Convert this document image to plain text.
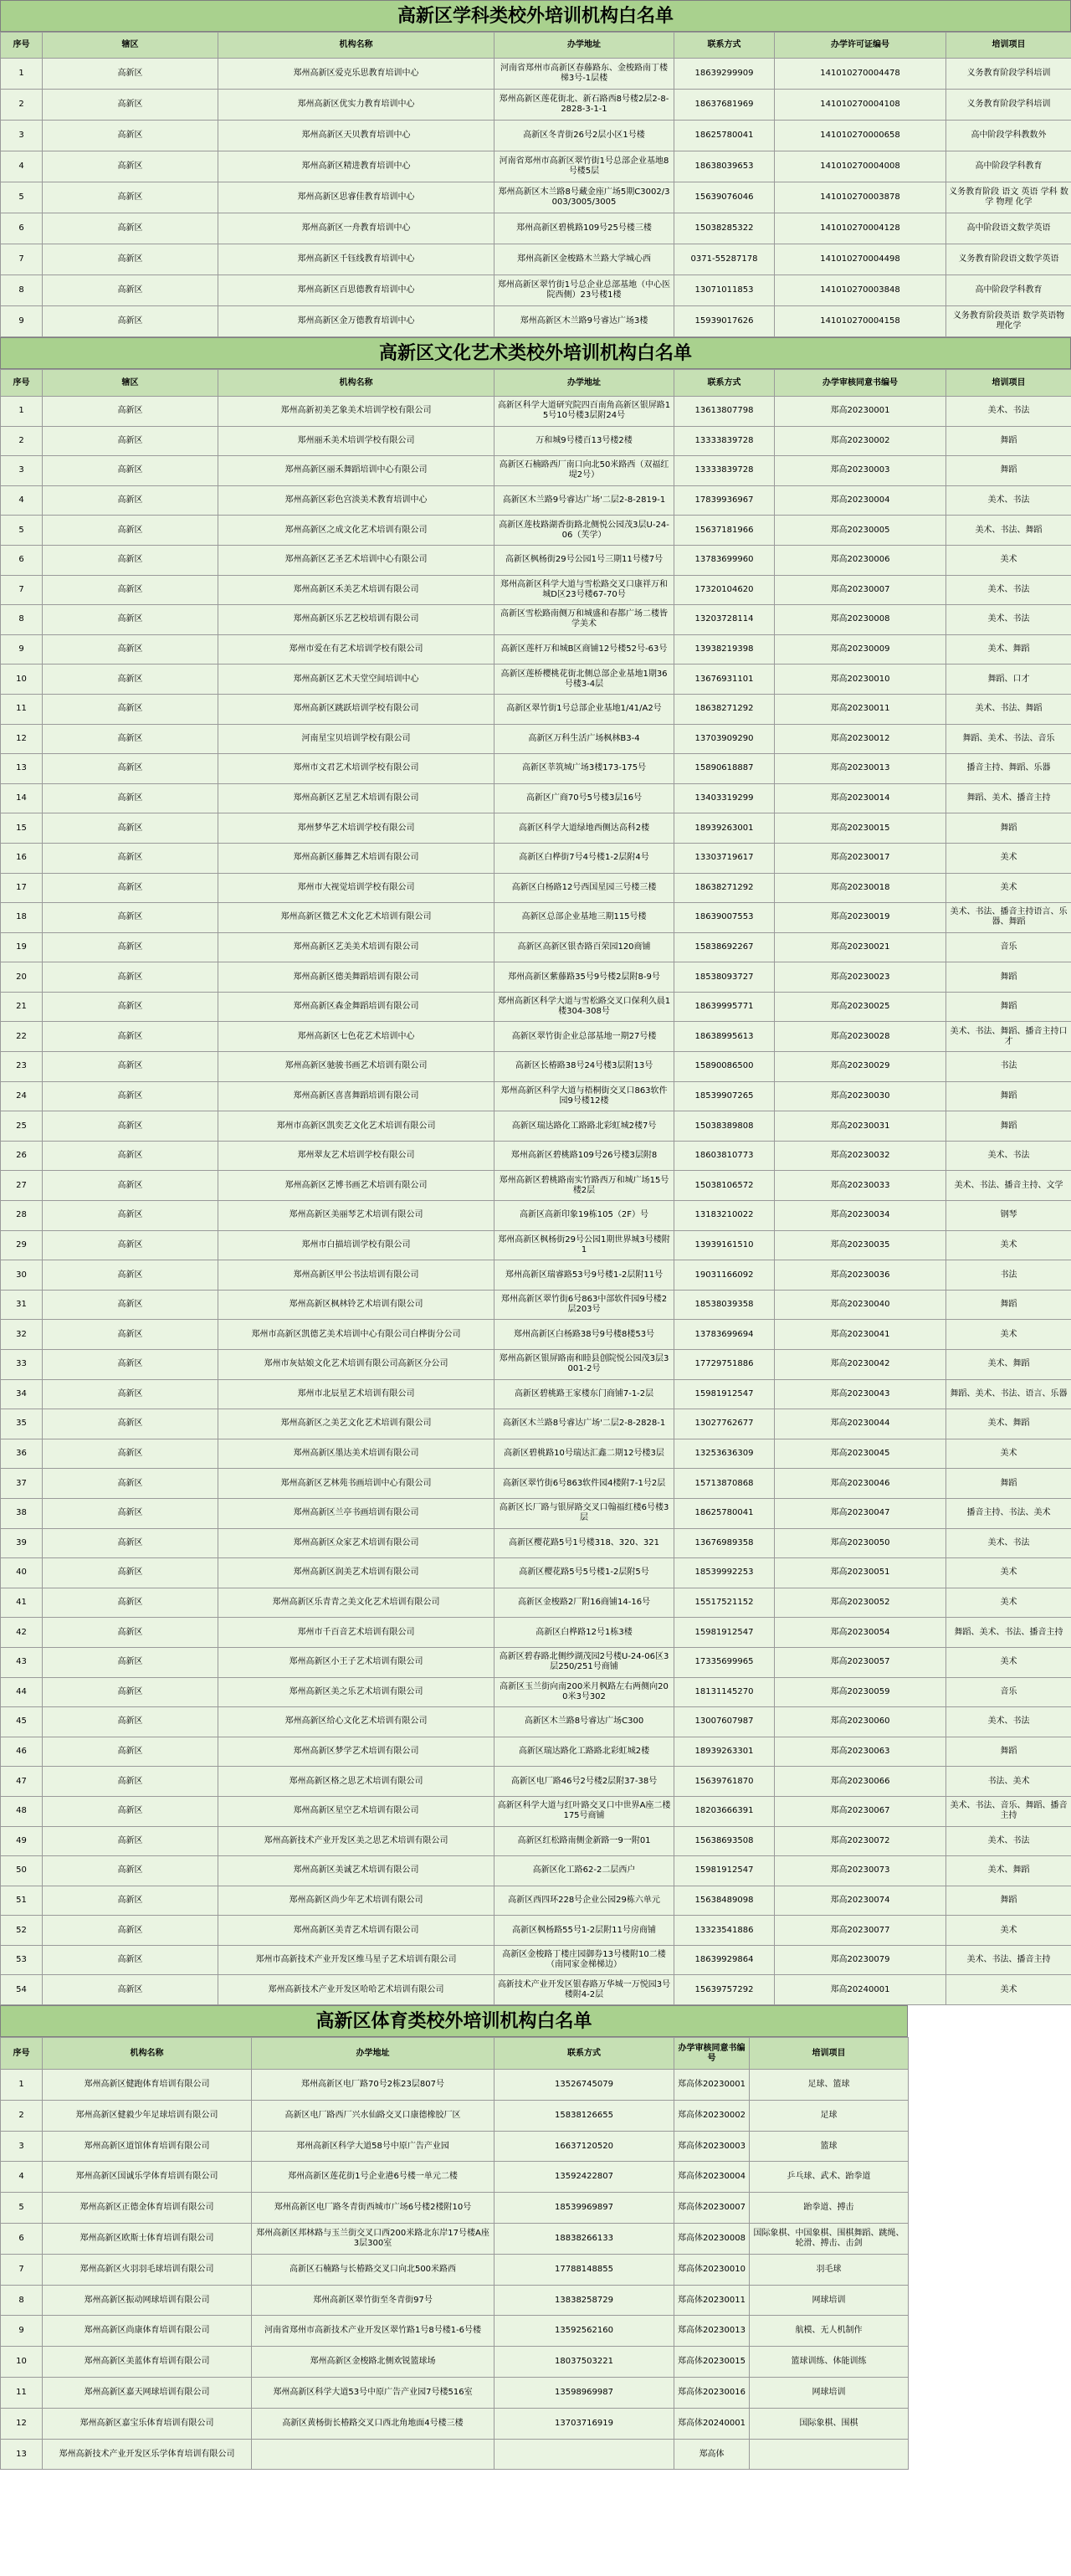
高新区学科类校外培训机构白名单
序号	辖区	机构名称	办学地址	联系方式	办学许可证编号	培训项目
1	高新区	郑州高新区爱克乐思教育培训中心	河南省郑州市高新区春藤路东、金梭路南丁楼梯3号-1层楼	18639299909	141010270004478	义务教育阶段学科培训
2	高新区	郑州高新区优实力教育培训中心	郑州高新区莲花街北、新石路西8号楼2层2-8-2828-3-1-1	18637681969	141010270004108	义务教育阶段学科培训
3	高新区	郑州高新区天贝教育培训中心	高新区冬青街26号2层小区1号楼	18625780041	141010270000658	高中阶段学科教数外
4	高新区	郑州高新区精进教育培训中心	河南省郑州市高新区翠竹街1号总部企业基地8号楼5层	18638039653	141010270004008	高中阶段学科教育
5	高新区	郑州高新区思睿佳教育培训中心	郑州高新区木兰路8号藏金座广场5期C3002/3003/3005/3005	15639076046	141010270003878	义务教育阶段 语文 英语 学科 数学 物理 化学
6	高新区	郑州高新区一舟教育培训中心	郑州高新区碧桃路109号25号楼三楼	15038285322	141010270004128	高中阶段语文数学英语
7	高新区	郑州高新区千钰线教育培训中心	郑州高新区金梭路木兰路大学城心西	0371-55287178	141010270004498	义务教育阶段语文数学英语
8	高新区	郑州高新区百思德教育培训中心	郑州高新区翠竹街1号总企业总部基地（中心医院西侧）23号楼1楼	13071011853	141010270003848	高中阶段学科教育
9	高新区	郑州高新区金万德教育培训中心	郑州高新区木兰路9号睿达广场3楼	15939017626	141010270004158	义务教育阶段英语 数学英语物理化学
高新区文化艺术类校外培训机构白名单
序号	辖区	机构名称	办学地址	联系方式	办学审核同意书编号	培训项目
1	高新区	郑州高新初美艺象美术培训学校有限公司	高新区科学大道研究院四百南角高新区银屏路15号10号楼3层附24号	13613807798	郑高20230001	美术、书法
2	高新区	郑州丽禾美术培训学校有限公司	万和城9号楼百13号楼2楼	13333839728	郑高20230002	舞蹈
3	高新区	郑州高新区丽禾舞蹈培训中心有限公司	高新区石楠路西厂南口向北50米路西（双福红堤2号）	13333839728	郑高20230003	舞蹈
4	高新区	郑州高新区彩色宫淡美术教育培训中心	高新区木兰路9号睿达广场'二层2-8-2819-1	17839936967	郑高20230004	美术、书法
5	高新区	郑州高新区之成文化艺术培训有限公司	高新区莲枝路湖香街路北侧悦公园茂3层U-24-06（芙学）	15637181966	郑高20230005	美术、书法、舞蹈
6	高新区	郑州高新区艺圣艺术培训中心有限公司	高新区枫杨街29号公园1号三期11号楼7号	13783699960	郑高20230006	美术
7	高新区	郑州高新区禾美艺术培训有限公司	郑州高新区科学大道与雪松路交叉口康祥万和城D区23号楼67-70号	17320104620	郑高20230007	美术、书法
8	高新区	郑州高新区乐艺艺校培训有限公司	高新区雪松路南侧万和城盛和春都广场二楼皆学美术	13203728114	郑高20230008	美术、书法
9	高新区	郑州市爱在有艺术培训学校有限公司	高新区莲杆万和城B区商铺12号楼52号-63号	13938219398	郑高20230009	美术、舞蹈
10	高新区	郑州高新区艺术天堂空间培训中心	高新区莲桥樱桃花街北侧总部企业基地1期36号楼3-4层	13676931101	郑高20230010	舞蹈、口才
11	高新区	郑州高新区跳跃培训学校有限公司	高新区翠竹街1号总部企业基地1/41/A2号	18638271292	郑高20230011	美术、书法、舞蹈
12	高新区	河南星宝贝培训学校有限公司	高新区万科生活广场枫林B3-4	13703909290	郑高20230012	舞蹈、美术、书法、音乐
13	高新区	郑州市文君艺术培训学校有限公司	高新区莘筑城广场3楼173-175号	15890618887	郑高20230013	播音主持、舞蹈、乐器
14	高新区	郑州高新区艺星艺术培训有限公司	高新区广商70号5号楼3层16号	13403319299	郑高20230014	舞蹈、美术、播音主持
15	高新区	郑州梦华艺术培训学校有限公司	高新区科学大道绿地西侧达高科2楼	18939263001	郑高20230015	舞蹈
16	高新区	郑州高新区藤舞艺术培训有限公司	高新区白桦街7号4号楼1-2层附4号	13303719617	郑高20230017	美术
17	高新区	郑州市大视觉培训学校有限公司	高新区白杨路12号西国星园三号楼三楼	18638271292	郑高20230018	美术
18	高新区	郑州高新区微艺术文化艺术培训有限公司	高新区总部企业基地三期115号楼	18639007553	郑高20230019	美术、书法、播音主持语言、乐器、舞蹈
19	高新区	郑州高新区艺美美术培训有限公司	高新区高新区银杏路百荣园120商铺	15838692267	郑高20230021	音乐
20	高新区	郑州高新区德美舞蹈培训有限公司	郑州高新区紫藤路35号9号楼2层附8-9号	18538093727	郑高20230023	舞蹈
21	高新区	郑州高新区森金舞蹈培训有限公司	郑州高新区科学大道与雪松路交叉口保利久晨1楼304-308号	18639995771	郑高20230025	舞蹈
22	高新区	郑州高新区七色花艺术培训中心	高新区翠竹街企业总部基地一期27号楼	18638995613	郑高20230028	美术、书法、舞蹈、播音主持口才
23	高新区	郑州高新区驰骏书画艺术培训有限公司	高新区长椿路38号24号楼3层附13号	15890086500	郑高20230029	书法
24	高新区	郑州高新区喜喜舞蹈培训有限公司	郑州高新区科学大道与梧桐街交叉口863软件园9号楼12楼	18539907265	郑高20230030	舞蹈
25	高新区	郑州市高新区凯奕艺文化艺术培训有限公司	高新区瑞达路化工路路北彩虹城2楼7号	15038389808	郑高20230031	舞蹈
26	高新区	郑州翠友艺术培训学校有限公司	郑州高新区碧桃路109号26号楼3层附8	18603810773	郑高20230032	美术、书法
27	高新区	郑州高新区艺博书画艺术培训有限公司	郑州高新区碧桃路南实竹路西万和城广场15号楼2层	15038106572	郑高20230033	美术、书法、播音主持、文学
28	高新区	郑州高新区美丽琴艺术培训有限公司	高新区高新印象19栋105（2F）号	13183210022	郑高20230034	钢琴
29	高新区	郑州市白描培训学校有限公司	郑州高新区枫杨街29号公园1期世界城3号楼附1	13939161510	郑高20230035	美术
30	高新区	郑州高新区甲公书法培训有限公司	郑州高新区瑞睿路53号9号楼1-2层附11号	19031166092	郑高20230036	书法
31	高新区	郑州高新区枫林铃艺术培训有限公司	郑州高新区翠竹街6号863中部软件园9号楼2层203号	18538039358	郑高20230040	舞蹈
32	高新区	郑州市高新区凯德艺美术培训中心有限公司白桦街分公司	郑州高新区白杨路38号9号楼8楼53号	13783699694	郑高20230041	美术
33	高新区	郑州市灰姑娘文化艺术培训有限公司高新区分公司	郑州高新区银屏路南和睦县创院悦公园茂3层3001-2号	17729751886	郑高20230042	美术、舞蹈
34	高新区	郑州市北辰星艺术培训有限公司	高新区碧桃路王家楼东门商铺7-1-2层	15981912547	郑高20230043	舞蹈、美术、书法、语言、乐器
35	高新区	郑州高新区之美艺文化艺术培训有限公司	高新区木兰路8号睿达广场'二层2-8-2828-1	13027762677	郑高20230044	美术、舞蹈
36	高新区	郑州高新区墨达美术培训有限公司	高新区碧桃路10号瑞达汇鑫二期12号楼3层	13253636309	郑高20230045	美术
37	高新区	郑州高新区艺林苑书画培训中心有限公司	高新区翠竹街6号863软件园4楼附7-1号2层	15713870868	郑高20230046	舞蹈
38	高新区	郑州高新区兰亭书画培训有限公司	高新区长厂路与银屏路交叉口翰福红楼6号楼3层	18625780041	郑高20230047	播音主持、书法、美术
39	高新区	郑州高新区众家艺术培训有限公司	高新区樱花路5号1号楼318、320、321	13676989358	郑高20230050	美术、书法
40	高新区	郑州高新区润美艺术培训有限公司	高新区樱花路5号5号楼1-2层附5号	18539992253	郑高20230051	美术
41	高新区	郑州高新区乐青青之美文化艺术培训有限公司	高新区金梭路2厂附16商铺14-16号	15517521152	郑高20230052	美术
42	高新区	郑州市千百音艺术培训有限公司	高新区白桦路12号1栋3楼	15981912547	郑高20230054	舞蹈、美术、书法、播音主持
43	高新区	郑州高新区小王子艺术培训有限公司	高新区碧春路北侧纱湖茂园2号楼U-24-06区3层250/251号商铺	17335699965	郑高20230057	美术
44	高新区	郑州高新区美之乐艺术培训有限公司	高新区玉兰街向南200米月枫路左右两侧向200米3号302	18131145270	郑高20230059	音乐
45	高新区	郑州高新区给心文化艺术培训有限公司	高新区木兰路8号睿达广场C300	13007607987	郑高20230060	美术、书法
46	高新区	郑州高新区梦学艺术培训有限公司	高新区瑞达路化工路路北彩虹城2楼	18939263301	郑高20230063	舞蹈
47	高新区	郑州高新区格之思艺术培训有限公司	高新区电厂路46号2号楼2层附37-38号	15639761870	郑高20230066	书法、美术
48	高新区	郑州高新区星空艺术培训有限公司	高新区科学大道与红叶路交叉口中世界A座二楼175号商铺	18203666391	郑高20230067	美术、书法、音乐、舞蹈、播音主持
49	高新区	郑州高新技术产业开发区美之思艺术培训有限公司	高新区红松路南侧金新路一9一附01	15638693508	郑高20230072	美术、书法
50	高新区	郑州高新区美诚艺术培训有限公司	高新区化工路62-2二层西户	15981912547	郑高20230073	美术、舞蹈
51	高新区	郑州高新区尚少年艺术培训有限公司	高新区西四环228号企业公园29栋六单元	15638489098	郑高20230074	舞蹈
52	高新区	郑州高新区美青艺术培训有限公司	高新区枫杨路55号1-2层附11号房商铺	13323541886	郑高20230077	美术
53	高新区	郑州市高新技术产业开发区维马星子艺术培训有限公司	高新区金梭路丁楼庄园御券13号楼附10二楼（南同家金梯梯边）	18639929864	郑高20230079	美术、书法、播音主持
54	高新区	郑州高新技术产业开发区哈哈艺术培训有限公司	高新技术产业开发区银春路万华城一万悦园3号楼附4-2层	15639757292	郑高20240001	美术
高新区体育类校外培训机构白名单
序号	机构名称	办学地址	联系方式	办学审核同意书编号	培训项目
1	郑州高新区健跑体育培训有限公司	郑州高新区电厂路70号2栋23层807号	13526745079	郑高体20230001	足球、篮球
2	郑州高新区健毅少年足球培训有限公司	高新区电厂路西厂兴水仙路交叉口康德橡胶厂区	15838126655	郑高体20230002	足球
3	郑州高新区道馆体育培训有限公司	郑州高新区科学大道58号中原广告产业园	16637120520	郑高体20230003	篮球
4	郑州高新区国诚乐学体育培训有限公司	郑州高新区莲花街1号企业港6号楼一单元二楼	13592422807	郑高体20230004	乒乓球、武术、跆拳道
5	郑州高新区正德金体育培训有限公司	郑州高新区电厂路冬青街西城市广场6号楼2楼附10号	18539969897	郑高体20230007	跆拳道、搏击
6	郑州高新区欧斯士体育培训有限公司	郑州高新区邦林路与玉兰街交叉口西200米路北东岸17号楼A座3层300室	18838266133	郑高体20230008	国际象棋、中国象棋、围棋舞蹈、跳绳、轮滑、搏击、击剑
7	郑州高新区火羽羽毛球培训有限公司	高新区石楠路与长椿路交叉口向北500米路西	17788148855	郑高体20230010	羽毛球
8	郑州高新区振动网球培训有限公司	郑州高新区翠竹街至冬青街97号	13838258729	郑高体20230011	网球培训
9	郑州高新区尚康体育培训有限公司	河南省郑州市高新技术产业开发区翠竹路1号8号楼1-6号楼	13592562160	郑高体20230013	航模、无人机制作
10	郑州高新区美蓝体育培训有限公司	郑州高新区金梭路北侧欢锐篮球场	18037503221	郑高体20230015	篮球训练、体能训练
11	郑州高新区嘉天网球培训有限公司	郑州高新区科学大道53号中原广告产业园7号楼516室	13598969987	郑高体20230016	网球培训
12	郑州高新区嘉宝乐体育培训有限公司	高新区黄杨街长椿路交叉口西北角地面4号楼三楼	13703716919	郑高体20240001	国际象棋、围棋
13	郑州高新技术产业开发区乐学体育培训有限公司			郑高体	
